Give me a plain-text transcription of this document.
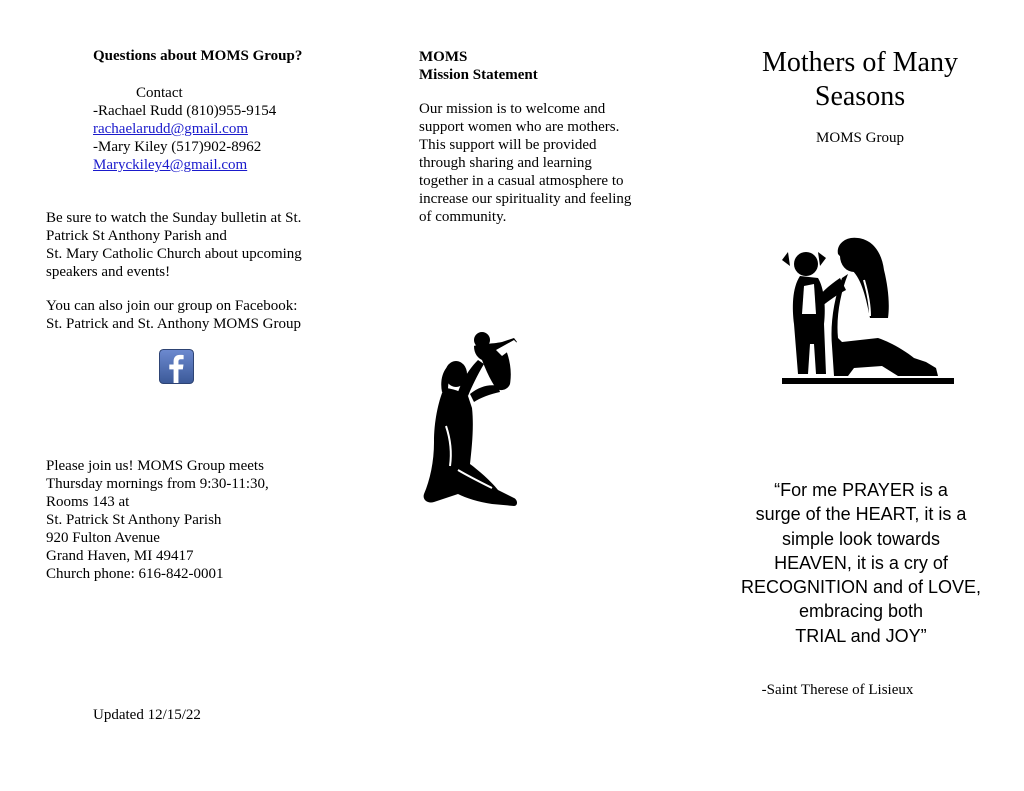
Questions about MOMS Group?
Contact
-Rachael Rudd (810)955-9154
rachaelarudd@gmail.com
-Mary Kiley (517)902-8962
Maryckiley4@gmail.com
Be sure to watch the Sunday bulletin at St.
Patrick St Anthony Parish and
St. Mary Catholic Church about upcoming
speakers and events!
You can also join our group on Facebook:
St. Patrick and St. Anthony MOMS Group
Please join us! MOMS Group meets
Thursday mornings from 9:30-11:30,
Rooms 143 at
St. Patrick St Anthony Parish
920 Fulton Avenue
Grand Haven, MI 49417
Church phone: 616-842-0001
Updated 12/15/22
MOMS
Mission Statement
Our mission is to welcome and
support women who are mothers.
This support will be provided
through sharing and learning
together in a casual atmosphere to
increase our spirituality and feeling
of community.
Mothers of Many
Seasons
MOMS Group
“For me PRAYER is a
surge of the HEART, it is a
simple look towards
HEAVEN, it is a cry of
RECOGNITION and of LOVE,
embracing both
TRIAL and JOY”
-Saint Therese of Lisieux
